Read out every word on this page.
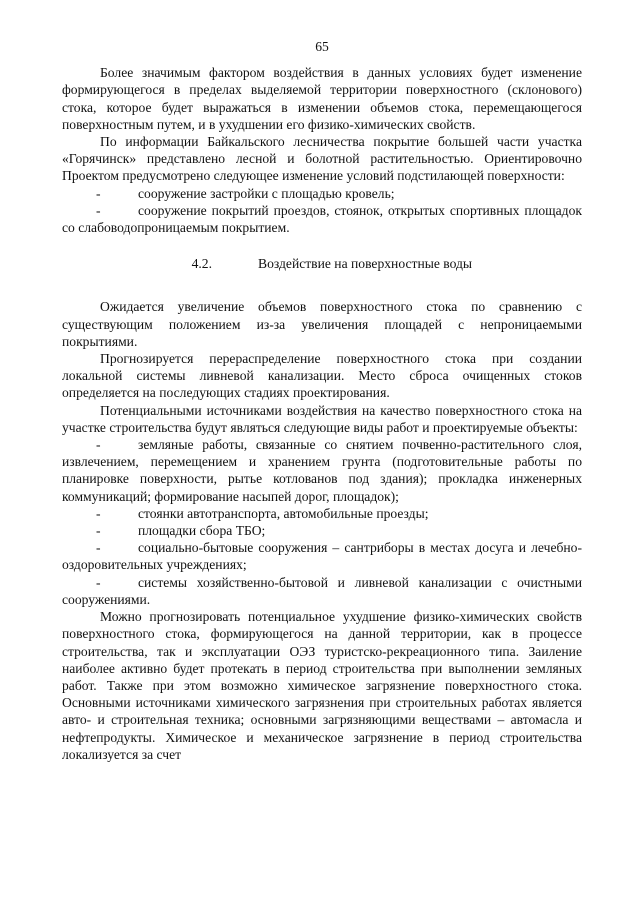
65

Более значимым фактором воздействия в данных условиях будет изменение формирующегося в пределах выделяемой территории поверхностного (склонового) стока, которое будет выражаться в изменении объемов стока, перемещающегося поверхностным путем, и в ухудшении его физико-химических свойств.

По информации Байкальского лесничества покрытие большей части участка «Горячинск» представлено лесной и болотной растительностью. Ориентировочно Проектом предусмотрено следующее изменение условий подстилающей поверхности:

-	сооружение застройки с площадью кровель;

-	сооружение покрытий проездов, стоянок, открытых спортивных площадок со слабоводопроницаемым покрытием.

4.2.	Воздействие на поверхностные воды

Ожидается увеличение объемов поверхностного стока по сравнению с существующим положением из-за увеличения площадей с непроницаемыми покрытиями.

Прогнозируется перераспределение поверхностного стока при создании локальной системы ливневой канализации. Место сброса очищенных стоков определяется на последующих стадиях проектирования.

Потенциальными источниками воздействия на качество поверхностного стока на участке строительства будут являться следующие виды работ и проектируемые объекты:

-	земляные работы, связанные со снятием почвенно-растительного слоя, извлечением, перемещением и хранением грунта (подготовительные работы по планировке поверхности, рытье котлованов под здания); прокладка инженерных коммуникаций; формирование насыпей дорог, площадок);

-	стоянки автотранспорта, автомобильные проезды;

-	площадки сбора ТБО;

-	социально-бытовые сооружения – сантриборы в местах досуга и лечебно-оздоровительных учреждениях;

-	системы хозяйственно-бытовой и ливневой канализации с очистными сооружениями.

Можно прогнозировать потенциальное ухудшение физико-химических свойств поверхностного стока, формирующегося на данной территории, как в процессе строительства, так и эксплуатации ОЭЗ туристско-рекреационного типа. Заиление наиболее активно будет протекать в период строительства при выполнении земляных работ. Также при этом возможно химическое загрязнение поверхностного стока. Основными источниками химического загрязнения при строительных работах является авто- и строительная техника; основными загрязняющими веществами – автомасла и нефтепродукты. Химическое и механическое загрязнение в период строительства локализуется за счет
